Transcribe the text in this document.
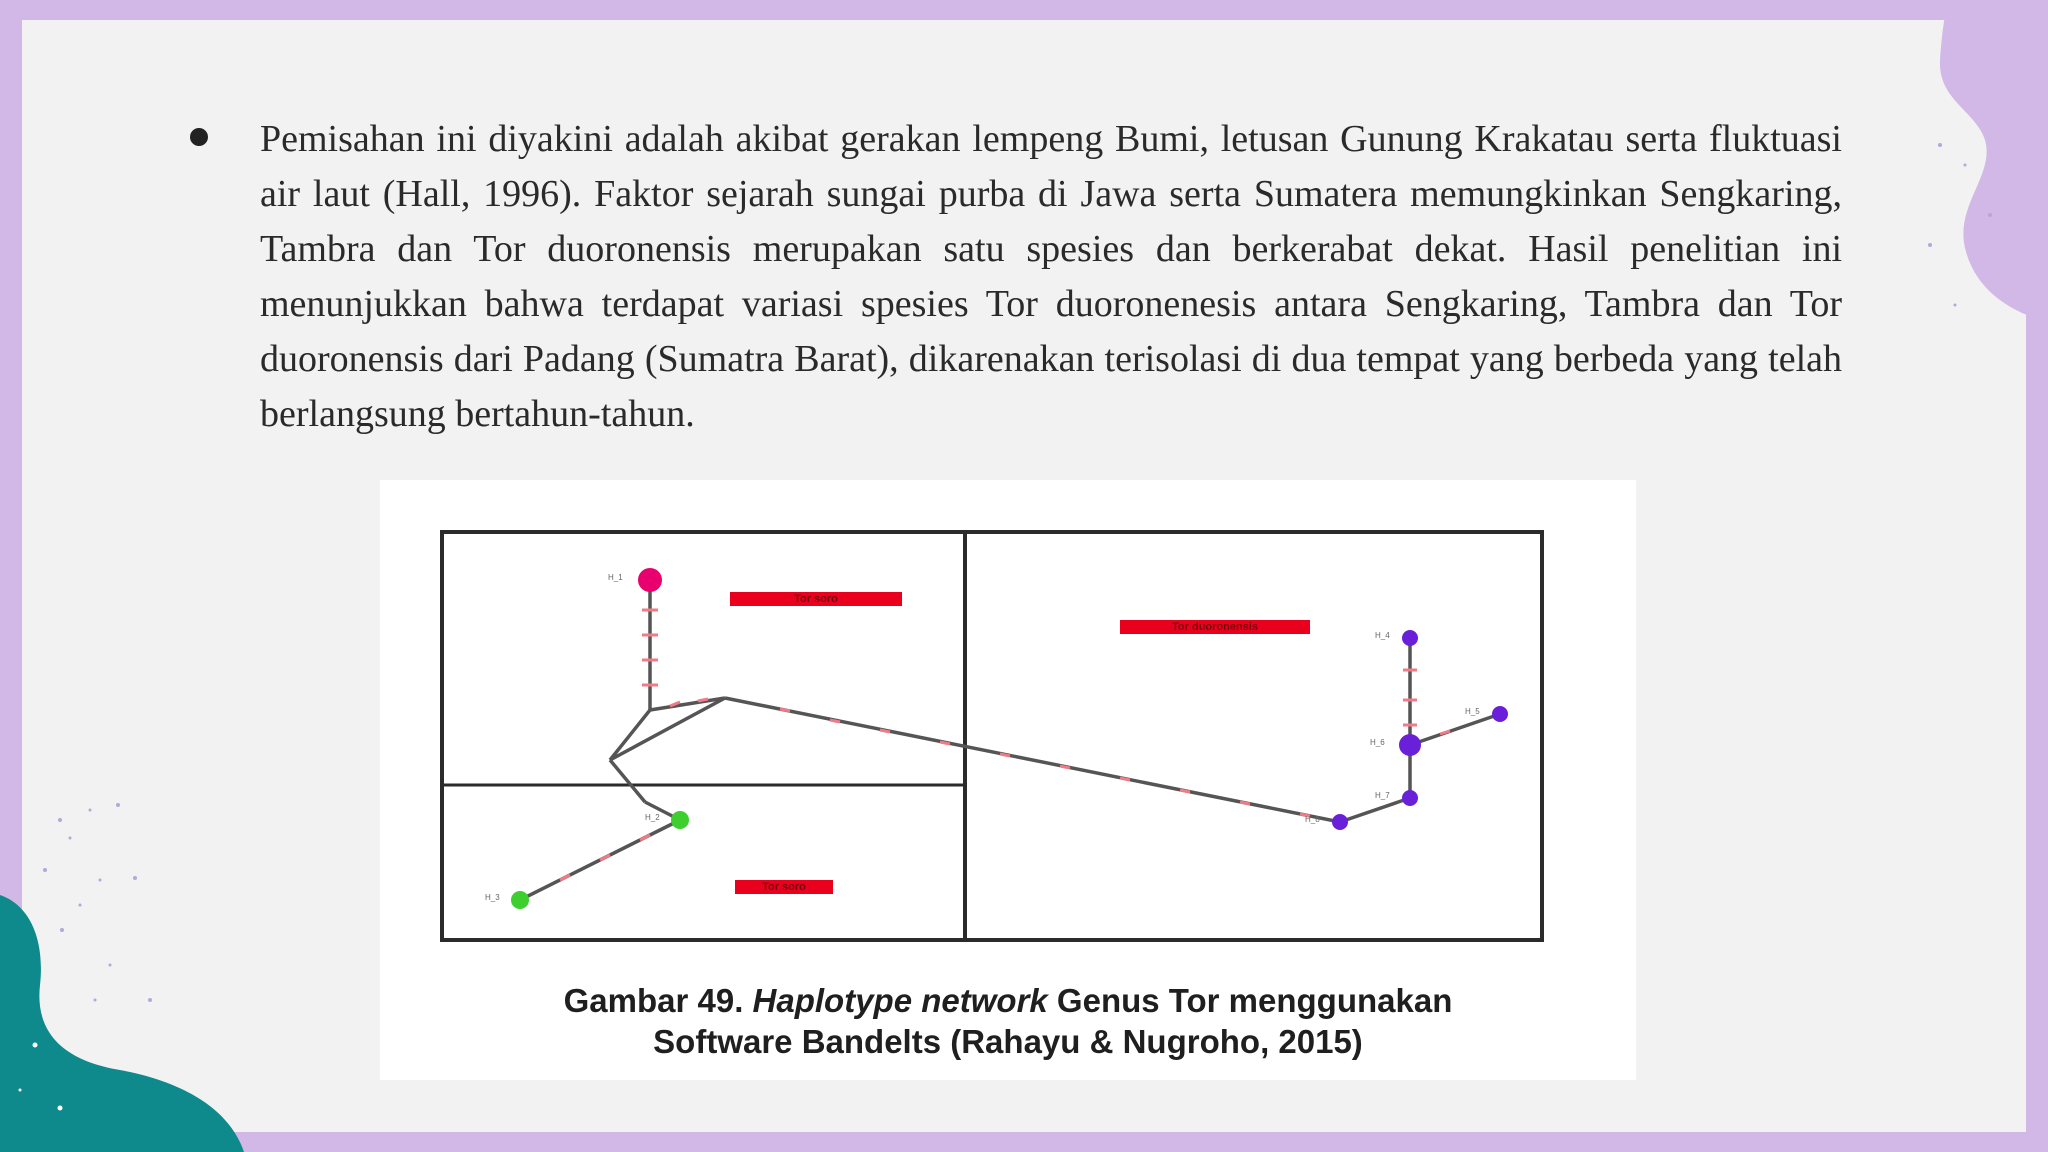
Pemisahan ini diyakini adalah akibat gerakan lempeng Bumi, letusan Gunung Krakatau serta fluktuasi air laut (Hall, 1996). Faktor sejarah sungai purba di Jawa serta Sumatera memungkinkan Sengkaring, Tambra dan Tor duoronensis merupakan satu spesies dan berkerabat dekat. Hasil penelitian ini menunjukkan bahwa terdapat variasi spesies Tor duoronenesis antara Sengkaring, Tambra dan Tor duoronensis dari Padang (Sumatra Barat), dikarenakan terisolasi di dua tempat yang berbeda yang telah berlangsung bertahun-tahun.

Tor soro
Tor duoronensis
Tor soro
H_1
H_2
H_3
H_4
H_5
H_6
H_7
H_8
Gambar 49. Haplotype network Genus Tor menggunakan
Software Bandelts (Rahayu & Nugroho, 2015)
